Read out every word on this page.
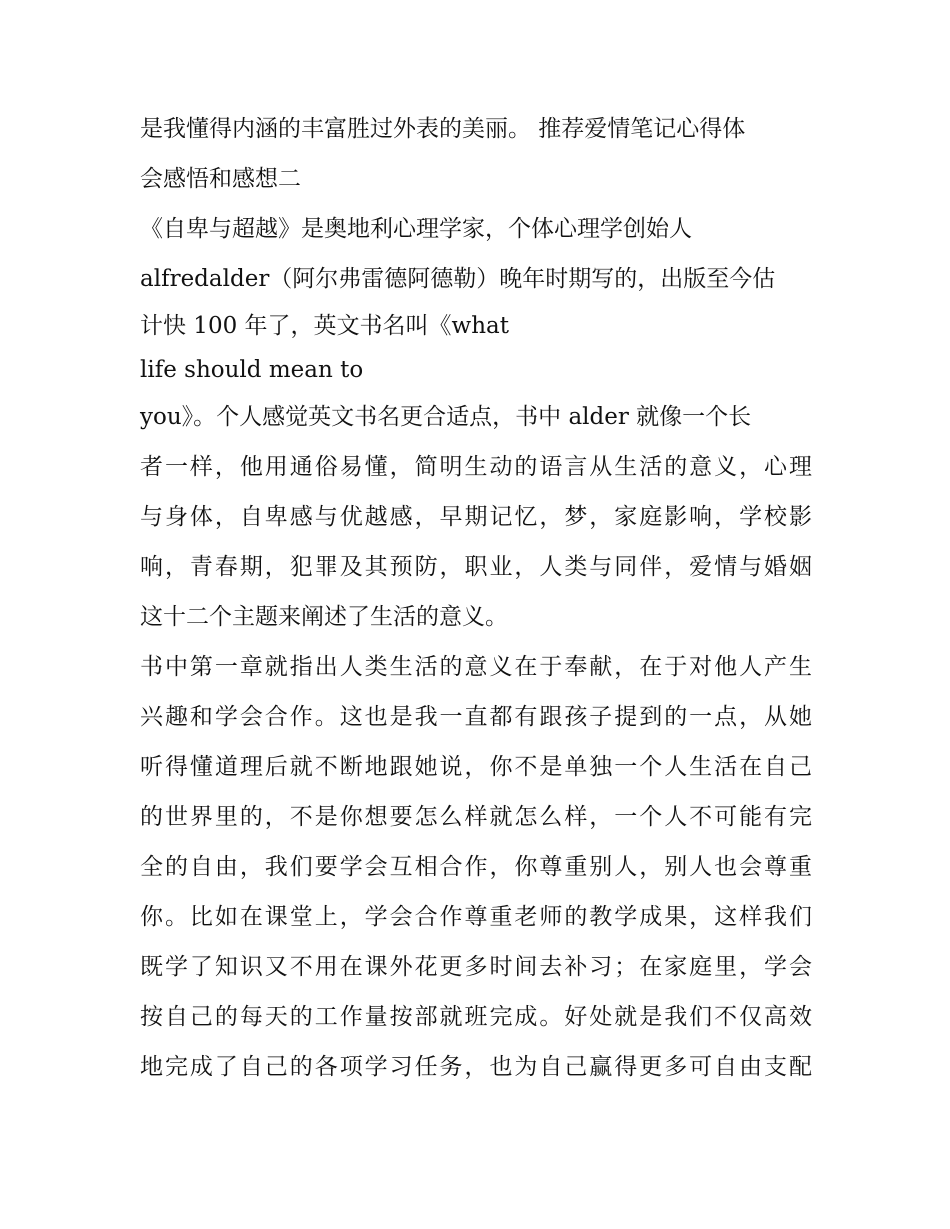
是我懂得内涵的丰富胜过外表的美丽。 推荐爱情笔记心得体
会感悟和感想二
《自卑与超越》是奥地利心理学家，个体心理学创始人
alfredalder（阿尔弗雷德阿德勒）晚年时期写的，出版至今估
计快 100 年了，英文书名叫《what
life should mean to
you》。个人感觉英文书名更合适点，书中 alder 就像一个长
者一样，他用通俗易懂，简明生动的语言从生活的意义，心理
与身体，自卑感与优越感，早期记忆，梦，家庭影响，学校影
响，青春期，犯罪及其预防，职业，人类与同伴，爱情与婚姻
这十二个主题来阐述了生活的意义。
书中第一章就指出人类生活的意义在于奉献，在于对他人产生
兴趣和学会合作。这也是我一直都有跟孩子提到的一点，从她
听得懂道理后就不断地跟她说，你不是单独一个人生活在自己
的世界里的，不是你想要怎么样就怎么样，一个人不可能有完
全的自由，我们要学会互相合作，你尊重别人，别人也会尊重
你。比如在课堂上，学会合作尊重老师的教学成果，这样我们
既学了知识又不用在课外花更多时间去补习；在家庭里，学会
按自己的每天的工作量按部就班完成。好处就是我们不仅高效
地完成了自己的各项学习任务，也为自己赢得更多可自由支配
